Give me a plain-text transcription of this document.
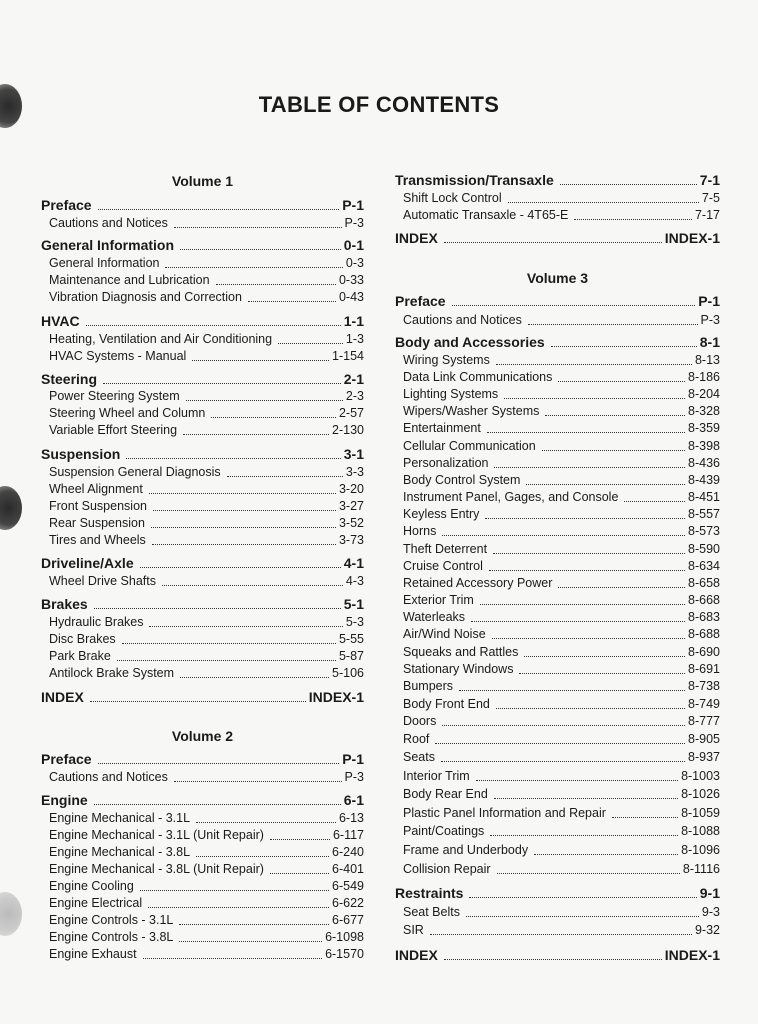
TABLE OF CONTENTS
Volume 1
Preface	P-1
Cautions and Notices	P-3
General Information	0-1
General Information	0-3
Maintenance and Lubrication	0-33
Vibration Diagnosis and Correction	0-43
HVAC	1-1
Heating, Ventilation and Air Conditioning	1-3
HVAC Systems - Manual	1-154
Steering	2-1
Power Steering System	2-3
Steering Wheel and Column	2-57
Variable Effort Steering	2-130
Suspension	3-1
Suspension General Diagnosis	3-3
Wheel Alignment	3-20
Front Suspension	3-27
Rear Suspension	3-52
Tires and Wheels	3-73
Driveline/Axle	4-1
Wheel Drive Shafts	4-3
Brakes	5-1
Hydraulic Brakes	5-3
Disc Brakes	5-55
Park Brake	5-87
Antilock Brake System	5-106
INDEX	INDEX-1
Volume 2
Preface	P-1
Cautions and Notices	P-3
Engine	6-1
Engine Mechanical - 3.1L	6-13
Engine Mechanical - 3.1L (Unit Repair)	6-117
Engine Mechanical - 3.8L	6-240
Engine Mechanical - 3.8L (Unit Repair)	6-401
Engine Cooling	6-549
Engine Electrical	6-622
Engine Controls - 3.1L	6-677
Engine Controls - 3.8L	6-1098
Engine Exhaust	6-1570
Transmission/Transaxle	7-1
Shift Lock Control	7-5
Automatic Transaxle - 4T65-E	7-17
INDEX	INDEX-1
Volume 3
Preface	P-1
Cautions and Notices	P-3
Body and Accessories	8-1
Wiring Systems	8-13
Data Link Communications	8-186
Lighting Systems	8-204
Wipers/Washer Systems	8-328
Entertainment	8-359
Cellular Communication	8-398
Personalization	8-436
Body Control System	8-439
Instrument Panel, Gages, and Console	8-451
Keyless Entry	8-557
Horns	8-573
Theft Deterrent	8-590
Cruise Control	8-634
Retained Accessory Power	8-658
Exterior Trim	8-668
Waterleaks	8-683
Air/Wind Noise	8-688
Squeaks and Rattles	8-690
Stationary Windows	8-691
Bumpers	8-738
Body Front End	8-749
Doors	8-777
Roof	8-905
Seats	8-937
Interior Trim	8-1003
Body Rear End	8-1026
Plastic Panel Information and Repair	8-1059
Paint/Coatings	8-1088
Frame and Underbody	8-1096
Collision Repair	8-1116
Restraints	9-1
Seat Belts	9-3
SIR	9-32
INDEX	INDEX-1
